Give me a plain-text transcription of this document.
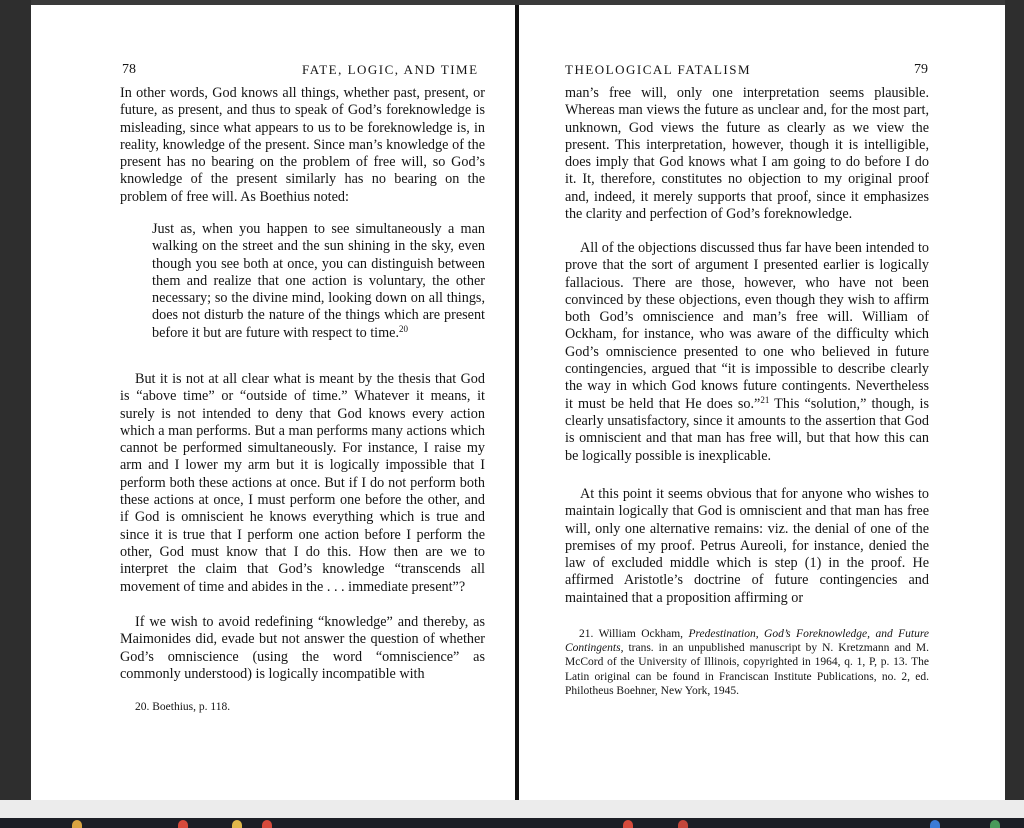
78	FATE, LOGIC, AND TIME

In other words, God knows all things, whether past, present, or future, as present, and thus to speak of God’s foreknowledge is misleading, since what appears to us to be foreknowledge is, in reality, knowledge of the present. Since man’s knowledge of the present has no bearing on the problem of free will, so God’s knowledge of the present similarly has no bearing on the problem of free will. As Boethius noted:

Just as, when you happen to see simultaneously a man walking on the street and the sun shining in the sky, even though you see both at once, you can distinguish between them and realize that one action is voluntary, the other necessary; so the divine mind, looking down on all things, does not disturb the nature of the things which are present before it but are future with respect to time.$^{20}$

But it is not at all clear what is meant by the thesis that God is “above time” or “outside of time.” Whatever it means, it surely is not intended to deny that God knows every action which a man performs. But a man performs many actions which cannot be performed simultaneously. For instance, I raise my arm and I lower my arm but it is logically impossible that I perform both these actions at once. But if I do not perform both these actions at once, I must perform one before the other, and if God is omniscient he knows everything which is true and since it is true that I perform one action before I perform the other, God must know that I do this. How then are we to interpret the claim that God’s knowledge “transcends all movement of time and abides in the . . . immediate present”?

If we wish to avoid redefining “knowledge” and thereby, as Maimonides did, evade but not answer the question of whether God’s omniscience (using the word “omniscience” as commonly understood) is logically incompatible with

20. Boethius, p. 118.
THEOLOGICAL FATALISM	79

man’s free will, only one interpretation seems plausible. Whereas man views the future as unclear and, for the most part, unknown, God views the future as clearly as we view the present. This interpretation, however, though it is intelligible, does imply that God knows what I am going to do before I do it. It, therefore, constitutes no objection to my original proof and, indeed, it merely supports that proof, since it emphasizes the clarity and perfection of God’s foreknowledge.

All of the objections discussed thus far have been intended to prove that the sort of argument I presented earlier is logically fallacious. There are those, however, who have not been convinced by these objections, even though they wish to affirm both God’s omniscience and man’s free will. William of Ockham, for instance, who was aware of the difficulty which God’s omniscience presented to one who believed in future contingencies, argued that “it is impossible to describe clearly the way in which God knows future contingents. Nevertheless it must be held that He does so.”$^{21}$ This “solution,” though, is clearly unsatisfactory, since it amounts to the assertion that God is omniscient and that man has free will, but that how this can be logically possible is inexplicable.

At this point it seems obvious that for anyone who wishes to maintain logically that God is omniscient and that man has free will, only one alternative remains: viz. the denial of one of the premises of my proof. Petrus Aureoli, for instance, denied the law of excluded middle which is step (1) in the proof. He affirmed Aristotle’s doctrine of future contingencies and maintained that a proposition affirming or

21. William Ockham, Predestination, God’s Foreknowledge, and Future Contingents, trans. in an unpublished manuscript by N. Kretzmann and M. McCord of the University of Illinois, copyrighted in 1964, q. 1, P, p. 13. The Latin original can be found in Franciscan Institute Publications, no. 2, ed. Philotheus Boehner, New York, 1945.
